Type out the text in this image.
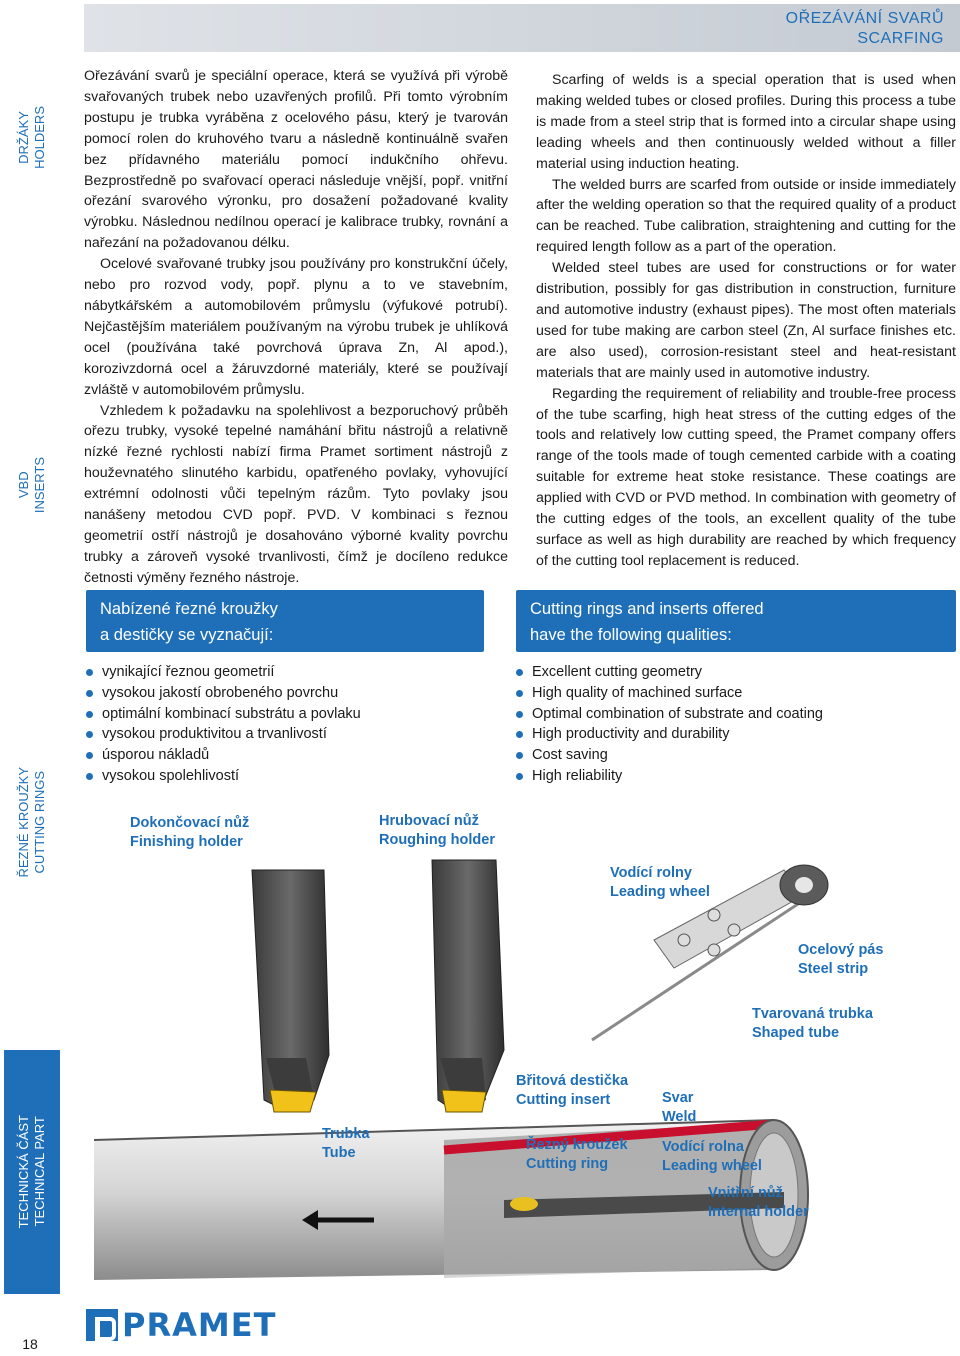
DRŽÁKY
HOLDERS
VBD
INSERTS
ŘEZNÉ KROUŽKY
CUTTING RINGS
TECHNICKÁ ČÁST
TECHNICAL PART
18
OŘEZÁVÁNÍ SVARŮ
SCARFING

Ořezávání svarů je speciální operace, která se využívá při výrobě svařovaných trubek nebo uzavřených profilů. Při tomto výrobním postupu je trubka vyráběna z ocelového pásu, který je tvarován pomocí rolen do kruhového tvaru a následně kontinuálně svařen bez přídavného materiálu pomocí indukčního ohřevu. Bezprostředně po svařovací operaci následuje vnější, popř. vnitřní ořezání svarového výronku, pro dosažení požadované kvality výrobku. Následnou nedílnou operací je kalibrace trubky, rovnání a nařezání na požadovanou délku.

Ocelové svařované trubky jsou používány pro konstrukční účely, nebo pro rozvod vody, popř. plynu a to ve stavebním, nábytkářském a automobilovém průmyslu (výfukové potrubí). Nejčastějším materiálem používaným na výrobu trubek je uhlíková ocel (používána také povrchová úprava Zn, Al apod.), korozivzdorná ocel a žáruvzdorné materiály, které se používají zvláště v automobilovém průmyslu.

Vzhledem k požadavku na spolehlivost a bezporuchový průběh ořezu trubky, vysoké tepelné namáhání břitu nástrojů a relativně nízké řezné rychlosti nabízí firma Pramet sortiment nástrojů z houževnatého slinutého karbidu, opatřeného povlaky, vyhovující extrémní odolnosti vůči tepelným rázům. Tyto povlaky jsou nanášeny metodou CVD popř. PVD. V kombinaci s řeznou geometrií ostří nástrojů je dosahováno výborné kvality povrchu trubky a zároveň vysoké trvanlivosti, čímž je docíleno redukce četnosti výměny řezného nástroje.

Scarfing of welds is a special operation that is used when making welded tubes or closed profiles. During this process a tube is made from a steel strip that is formed into a circular shape using leading wheels and then continuously welded without a filler material using induction heating.

The welded burrs are scarfed from outside or inside immediately after the welding operation so that the required quality of a product can be reached. Tube calibration, straightening and cutting for the required length follow as a part of the operation.

Welded steel tubes are used for constructions or for water distribution, possibly for gas distribution in construction, furniture and automotive industry (exhaust pipes). The most often materials used for tube making are carbon steel (Zn, Al surface finishes etc. are also used), corrosion-resistant steel and heat-resistant materials that are mainly used in automotive industry.

Regarding the requirement of reliability and trouble-free process of the tube scarfing, high heat stress of the cutting edges of the tools and relatively low cutting speed, the Pramet company offers range of the tools made of tough cemented carbide with a coating suitable for extreme heat stoke resistance. These coatings are applied with CVD or PVD method. In combination with geometry of the cutting edges of the tools, an excellent quality of the tube surface as well as high durability are reached by which frequency of the cutting tool replacement is reduced.

Nabízené řezné kroužky
a destičky se vyznačují:
Cutting rings and inserts offered
have the following qualities:
vynikající řeznou geometrií
vysokou jakostí obrobeného povrchu
optimální kombinací substrátu a povlaku
vysokou produktivitou a trvanlivostí
úsporou nákladů
vysokou spolehlivostí
Excellent cutting geometry
High quality of machined surface
Optimal combination of substrate and coating
High productivity and durability
Cost saving
High reliability
Dokončovací nůž
Finishing holder
Hrubovací nůž
Roughing holder
Vodící rolny
Leading wheel
Ocelový pás
Steel strip
Tvarovaná trubka
Shaped tube
Trubka
Tube
Břitová destička
Cutting insert	Svar
Weld
Řezný kroužek
Cutting ring
Vodící rolna
Leading wheel
Vnitřní nůž
Internal holder
PRAMET
